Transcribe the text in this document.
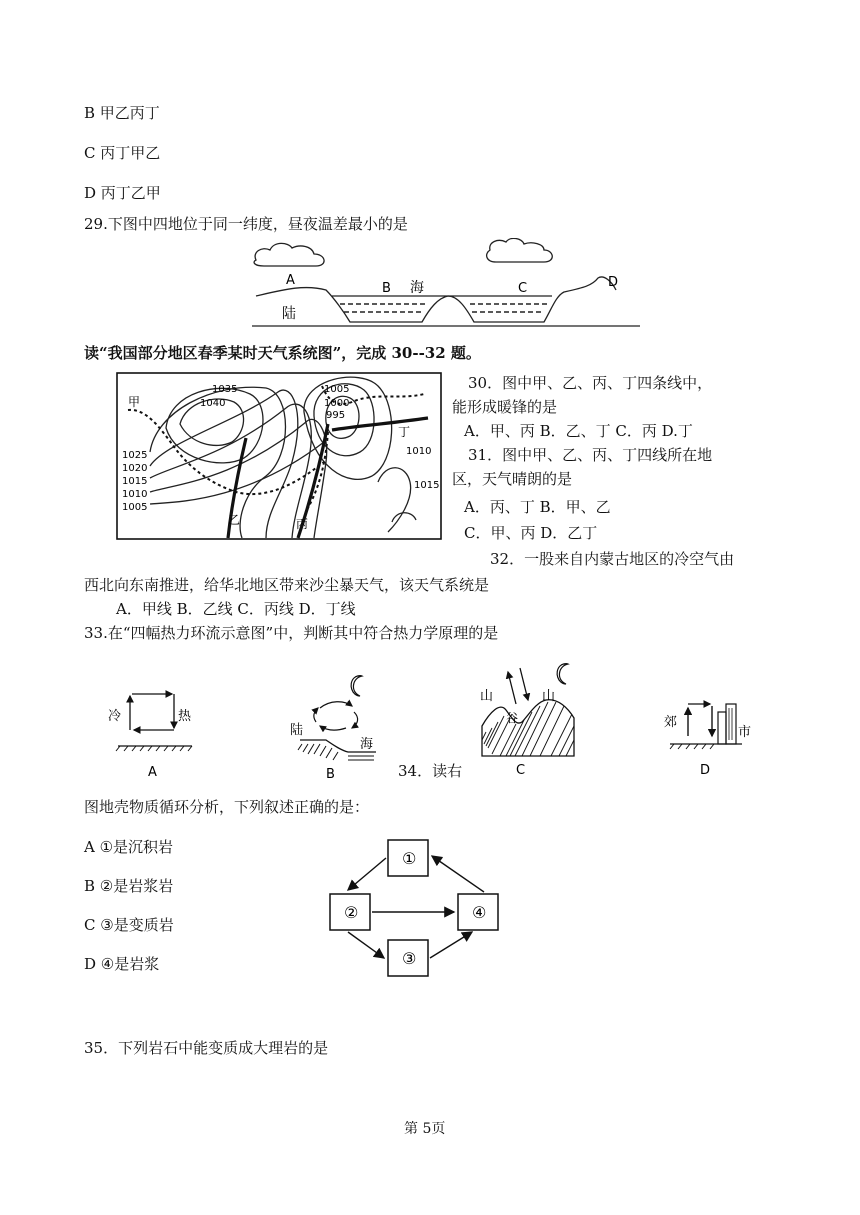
B 甲乙丙丁
C 丙丁甲乙
D 丙丁乙甲
29.下图中四地位于同一纬度，昼夜温差最小的是
A
B 海	C	D
陆
读“我国部分地区春季某时天气系统图”，完成 30--32 题。
1035
1040
1025
1020
1015
1010
1005
1005
1000
995
1010
1015
甲
乙	丙
丁
30．图中甲、乙、丙、丁四条线中，
能形成暖锋的是
A．甲、丙 B．乙、丁 C．丙 D.丁
31．图中甲、乙、丙、丁四线所在地
区，天气晴朗的是
A．丙、丁 B．甲、乙
C．甲、丙 D．乙丁
32．一股来自内蒙古地区的冷空气由
西北向东南推进，给华北地区带来沙尘暴天气，该天气系统是
A．甲线 B．乙线 C．丙线 D．丁线
33.在“四幅热力环流示意图”中，判断其中符合热力学原理的是
冷	热
A
陆
海
B	34．读右
山
谷
山
C
郊
市
D
图地壳物质循环分析，下列叙述正确的是：
A ①是沉积岩
B ②是岩浆岩
C ③是变质岩
D ④是岩浆
①
②
③
④
35．下列岩石中能变质成大理岩的是
第 5页
